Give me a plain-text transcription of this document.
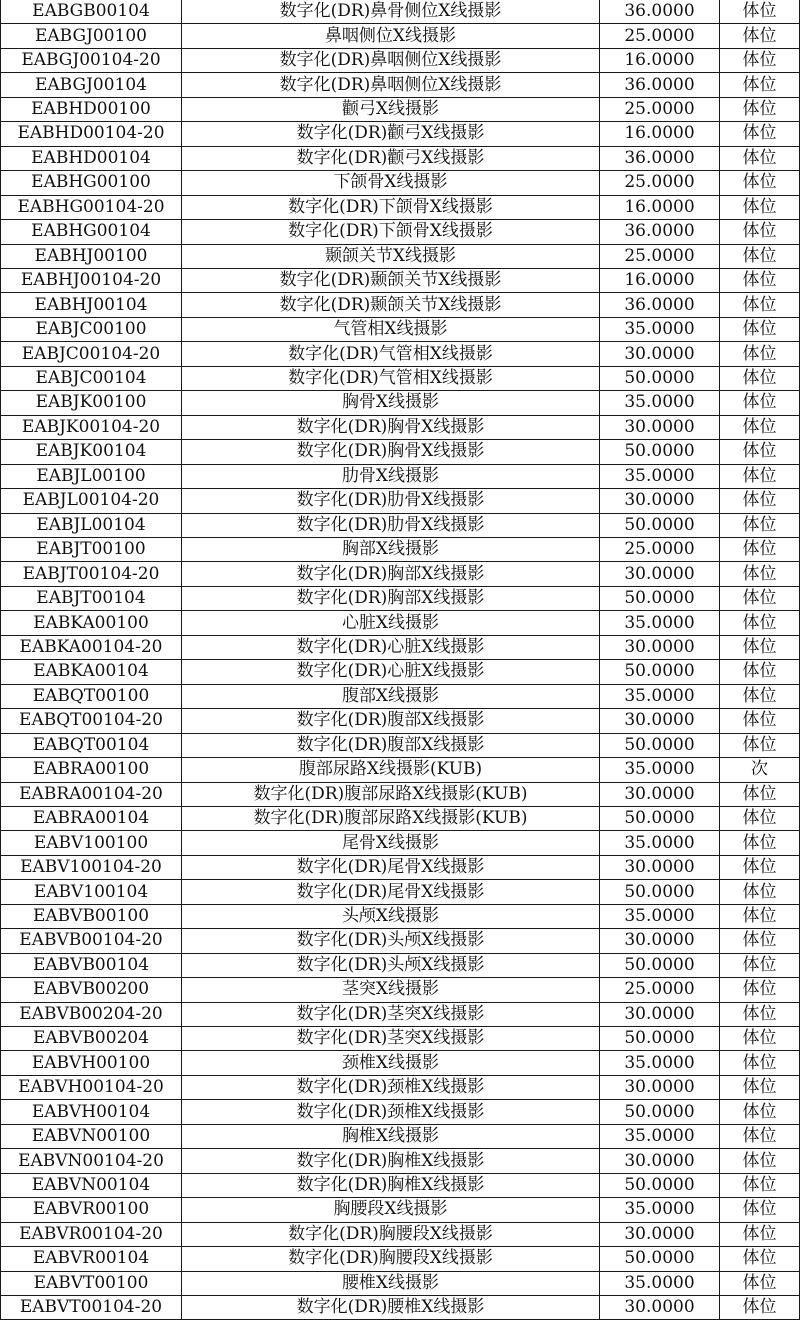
EABGB00104	数字化(DR)鼻骨侧位X线摄影	36.0000	体位
EABGJ00100	鼻咽侧位X线摄影	25.0000	体位
EABGJ00104-20	数字化(DR)鼻咽侧位X线摄影	16.0000	体位
EABGJ00104	数字化(DR)鼻咽侧位X线摄影	36.0000	体位
EABHD00100	颧弓X线摄影	25.0000	体位
EABHD00104-20	数字化(DR)颧弓X线摄影	16.0000	体位
EABHD00104	数字化(DR)颧弓X线摄影	36.0000	体位
EABHG00100	下颌骨X线摄影	25.0000	体位
EABHG00104-20	数字化(DR)下颌骨X线摄影	16.0000	体位
EABHG00104	数字化(DR)下颌骨X线摄影	36.0000	体位
EABHJ00100	颞颌关节X线摄影	25.0000	体位
EABHJ00104-20	数字化(DR)颞颌关节X线摄影	16.0000	体位
EABHJ00104	数字化(DR)颞颌关节X线摄影	36.0000	体位
EABJC00100	气管相X线摄影	35.0000	体位
EABJC00104-20	数字化(DR)气管相X线摄影	30.0000	体位
EABJC00104	数字化(DR)气管相X线摄影	50.0000	体位
EABJK00100	胸骨X线摄影	35.0000	体位
EABJK00104-20	数字化(DR)胸骨X线摄影	30.0000	体位
EABJK00104	数字化(DR)胸骨X线摄影	50.0000	体位
EABJL00100	肋骨X线摄影	35.0000	体位
EABJL00104-20	数字化(DR)肋骨X线摄影	30.0000	体位
EABJL00104	数字化(DR)肋骨X线摄影	50.0000	体位
EABJT00100	胸部X线摄影	25.0000	体位
EABJT00104-20	数字化(DR)胸部X线摄影	30.0000	体位
EABJT00104	数字化(DR)胸部X线摄影	50.0000	体位
EABKA00100	心脏X线摄影	35.0000	体位
EABKA00104-20	数字化(DR)心脏X线摄影	30.0000	体位
EABKA00104	数字化(DR)心脏X线摄影	50.0000	体位
EABQT00100	腹部X线摄影	35.0000	体位
EABQT00104-20	数字化(DR)腹部X线摄影	30.0000	体位
EABQT00104	数字化(DR)腹部X线摄影	50.0000	体位
EABRA00100	腹部尿路X线摄影(KUB)	35.0000	次
EABRA00104-20	数字化(DR)腹部尿路X线摄影(KUB)	30.0000	体位
EABRA00104	数字化(DR)腹部尿路X线摄影(KUB)	50.0000	体位
EABV100100	尾骨X线摄影	35.0000	体位
EABV100104-20	数字化(DR)尾骨X线摄影	30.0000	体位
EABV100104	数字化(DR)尾骨X线摄影	50.0000	体位
EABVB00100	头颅X线摄影	35.0000	体位
EABVB00104-20	数字化(DR)头颅X线摄影	30.0000	体位
EABVB00104	数字化(DR)头颅X线摄影	50.0000	体位
EABVB00200	茎突X线摄影	25.0000	体位
EABVB00204-20	数字化(DR)茎突X线摄影	30.0000	体位
EABVB00204	数字化(DR)茎突X线摄影	50.0000	体位
EABVH00100	颈椎X线摄影	35.0000	体位
EABVH00104-20	数字化(DR)颈椎X线摄影	30.0000	体位
EABVH00104	数字化(DR)颈椎X线摄影	50.0000	体位
EABVN00100	胸椎X线摄影	35.0000	体位
EABVN00104-20	数字化(DR)胸椎X线摄影	30.0000	体位
EABVN00104	数字化(DR)胸椎X线摄影	50.0000	体位
EABVR00100	胸腰段X线摄影	35.0000	体位
EABVR00104-20	数字化(DR)胸腰段X线摄影	30.0000	体位
EABVR00104	数字化(DR)胸腰段X线摄影	50.0000	体位
EABVT00100	腰椎X线摄影	35.0000	体位
EABVT00104-20	数字化(DR)腰椎X线摄影	30.0000	体位
